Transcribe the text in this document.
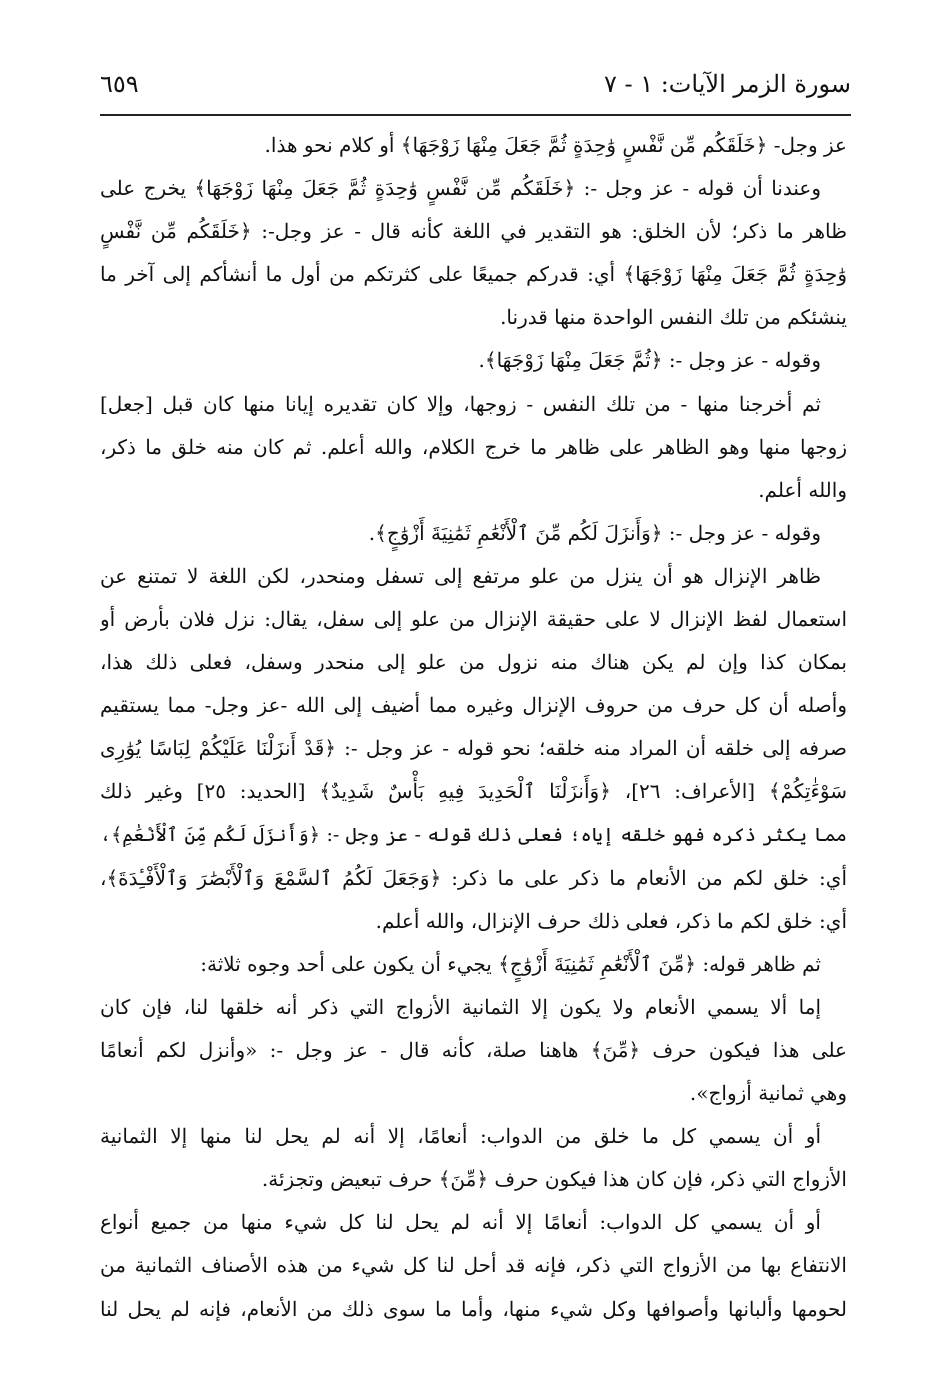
سورة الزمر الآيات: ١ - ٧
٦٥٩
عز وجل- ﴿خَلَقَكُم مِّن نَّفْسٍ وَٰحِدَةٍ ثُمَّ جَعَلَ مِنْهَا زَوْجَهَا﴾ أو كلام نحو هذا.
وعندنا أن قوله - عز وجل -: ﴿خَلَقَكُم مِّن نَّفْسٍ وَٰحِدَةٍ ثُمَّ جَعَلَ مِنْهَا زَوْجَهَا﴾ يخرج على
ظاهر ما ذكر؛ لأن الخلق: هو التقدير في اللغة كأنه قال - عز وجل-: ﴿خَلَقَكُم مِّن نَّفْسٍ
وَٰحِدَةٍ ثُمَّ جَعَلَ مِنْهَا زَوْجَهَا﴾ أي: قدركم جميعًا على كثرتكم من أول ما أنشأكم إلى آخر ما
ينشئكم من تلك النفس الواحدة منها قدرنا.
وقوله - عز وجل -: ﴿ثُمَّ جَعَلَ مِنْهَا زَوْجَهَا﴾.
ثم أخرجنا منها - من تلك النفس - زوجها، وإلا كان تقديره إيانا منها كان قبل [جعل]
زوجها منها وهو الظاهر على ظاهر ما خرج الكلام، والله أعلم. ثم كان منه خلق ما ذكر،
والله أعلم.
وقوله - عز وجل -: ﴿وَأَنزَلَ لَكُم مِّنَ ٱلْأَنْعَٰمِ ثَمَٰنِيَةَ أَزْوَٰجٍ﴾.
ظاهر الإنزال هو أن ينزل من علو مرتفع إلى تسفل ومنحدر، لكن اللغة لا تمتنع عن
استعمال لفظ الإنزال لا على حقيقة الإنزال من علو إلى سفل، يقال: نزل فلان بأرض أو
بمكان كذا وإن لم يكن هناك منه نزول من علو إلى منحدر وسفل، فعلى ذلك هذا،
وأصله أن كل حرف من حروف الإنزال وغيره مما أضيف إلى الله -عز وجل- مما يستقيم
صرفه إلى خلقه أن المراد منه خلقه؛ نحو قوله - عز وجل -: ﴿قَدْ أَنزَلْنَا عَلَيْكُمْ لِبَاسًا يُوَٰرِى
سَوْءَٰتِكُمْ﴾ [الأعراف: ٢٦]، ﴿وَأَنزَلْنَا ٱلْحَدِيدَ فِيهِ بَأْسٌ شَدِيدٌ﴾ [الحديد: ٢٥] وغير ذلك
مما يكثر ذكره فهو خلقه إياه؛ فعلى ذلك قوله - عز وجل -: ﴿وَأَنزَلَ لَكُم مِّنَ ٱلْأَنْعَٰمِ﴾،
أي: خلق لكم من الأنعام ما ذكر على ما ذكر: ﴿وَجَعَلَ لَكُمُ ٱلسَّمْعَ وَٱلْأَبْصَٰرَ وَٱلْأَفْـِٔدَةَ﴾،
أي: خلق لكم ما ذكر، فعلى ذلك حرف الإنزال، والله أعلم.
ثم ظاهر قوله: ﴿مِّنَ ٱلْأَنْعَٰمِ ثَمَٰنِيَةَ أَزْوَٰجٍ﴾ يجيء أن يكون على أحد وجوه ثلاثة:
إما ألا يسمي الأنعام ولا يكون إلا الثمانية الأزواج التي ذكر أنه خلقها لنا، فإن كان
على هذا فيكون حرف ﴿مِّنَ﴾ هاهنا صلة، كأنه قال - عز وجل -: «وأنزل لكم أنعامًا
وهي ثمانية أزواج».
أو أن يسمي كل ما خلق من الدواب: أنعامًا، إلا أنه لم يحل لنا منها إلا الثمانية
الأزواج التي ذكر، فإن كان هذا فيكون حرف ﴿مِّنَ﴾ حرف تبعيض وتجزئة.
أو أن يسمي كل الدواب: أنعامًا إلا أنه لم يحل لنا كل شيء منها من جميع أنواع
الانتفاع بها من الأزواج التي ذكر، فإنه قد أحل لنا كل شيء من هذه الأصناف الثمانية من
لحومها وألبانها وأصوافها وكل شيء منها، وأما ما سوى ذلك من الأنعام، فإنه لم يحل لنا
